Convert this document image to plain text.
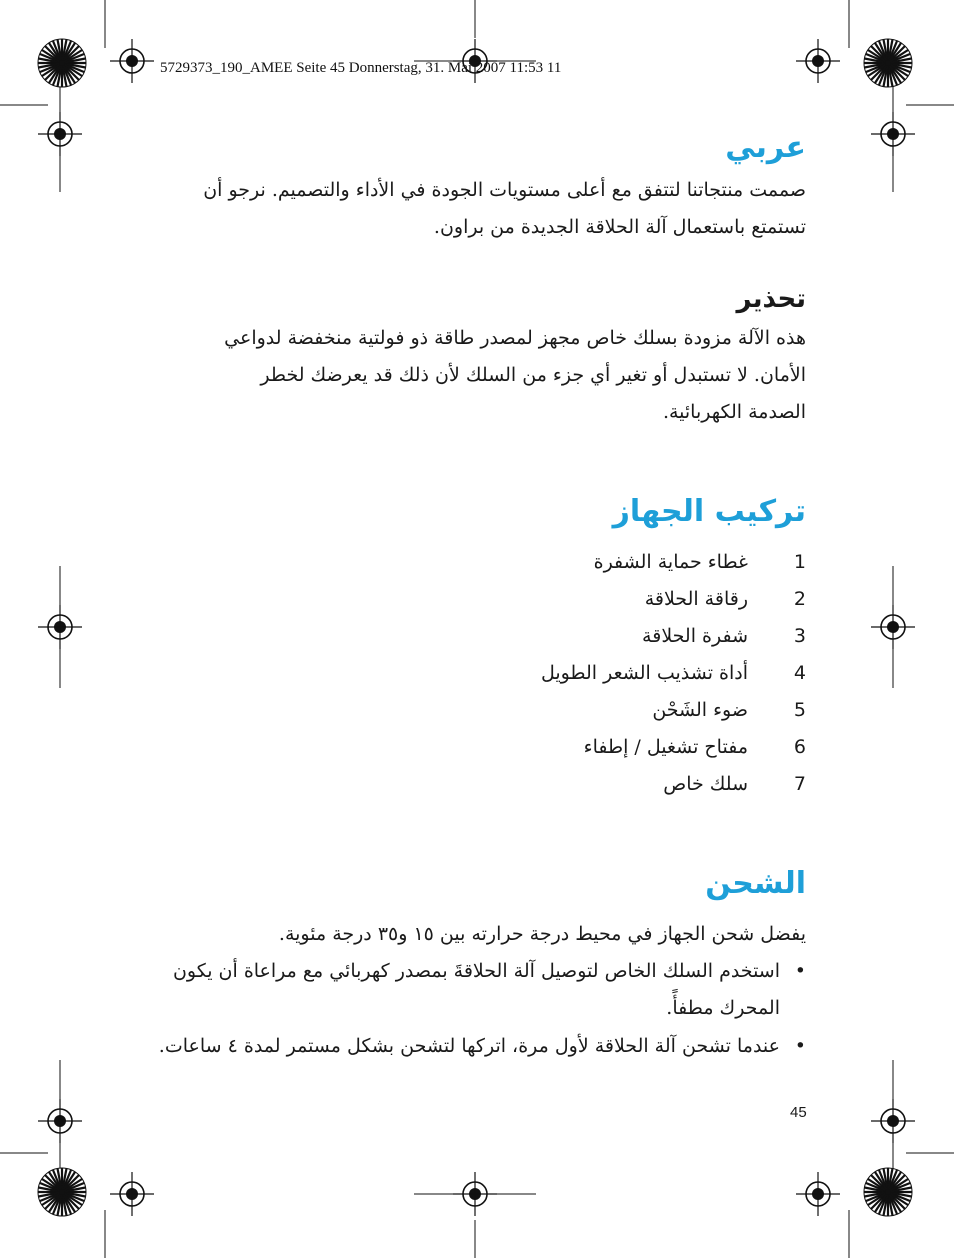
5729373_190_AMEE Seite 45 Donnerstag, 31. Mai 2007 11:53 11
عربي
صممت منتجاتنا لتتفق مع أعلى مستويات الجودة في الأداء والتصميم. نرجو أن
تستمتع باستعمال آلة الحلاقة الجديدة من براون.
تحذير
هذه الآلة مزودة بسلك خاص مجهز لمصدر طاقة ذو فولتية منخفضة لدواعي
الأمان. لا تستبدل أو تغير أي جزء من السلك لأن ذلك قد يعرضك لخطر
الصدمة الكهربائية.
تركيب الجهاز
1
غطاء حماية الشفرة
2
رقاقة الحلاقة
3
شفرة الحلاقة
4
أداة تشذيب الشعر الطويل
5
ضوء الشَحْن
6
مفتاح تشغيل / إطفاء
7
سلك خاص
الشحن
يفضل شحن الجهاز في محيط درجة حرارته بين ١٥ و٣٥ درجة مئوية.
•استخدم السلك الخاص لتوصيل آلة الحلاقةَ بمصدر كهربائي مع مراعاة أن يكون
المحرك مطفأً.
•عندما تشحن آلة الحلاقة لأول مرة، اتركها لتشحن بشكل مستمر لمدة ٤ ساعات.
45
